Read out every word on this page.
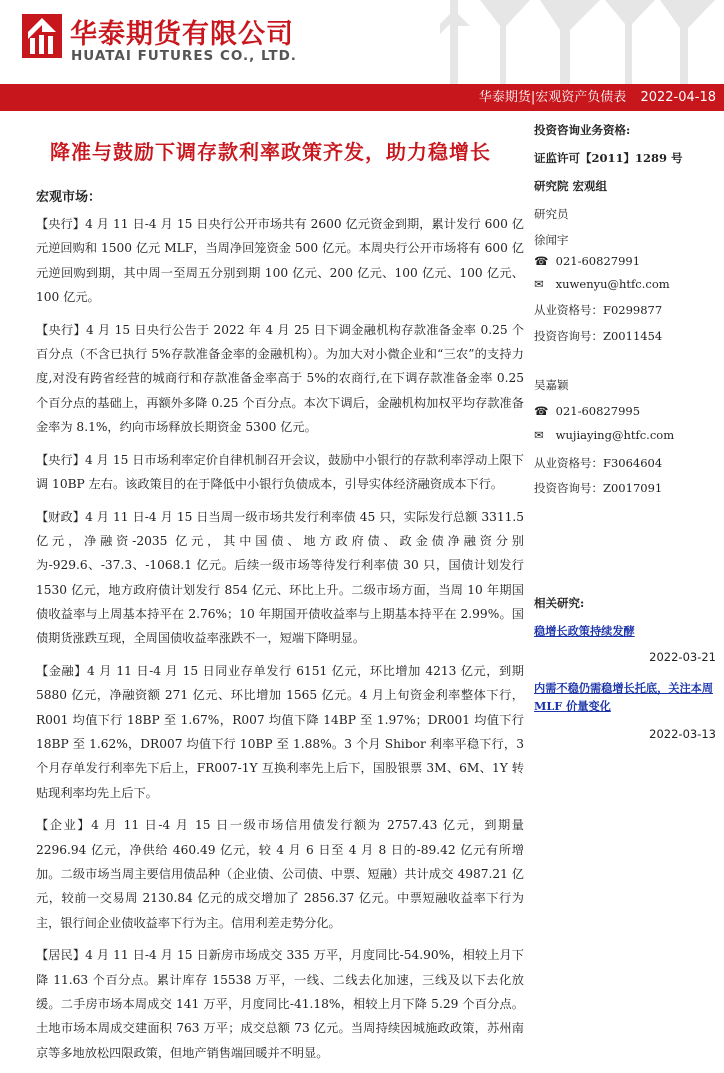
华泰期货有限公司
HUATAI FUTURES CO., LTD.
华泰期货|宏观资产负债表 2022-04-18
降准与鼓励下调存款利率政策齐发，助力稳增长
宏观市场：

【央行】4 月 11 日-4 月 15 日央行公开市场共有 2600 亿元资金到期，累计发行 600 亿元逆回购和 1500 亿元 MLF，当周净回笼资金 500 亿元。本周央行公开市场将有 600 亿元逆回购到期，其中周一至周五分别到期 100 亿元、200 亿元、100 亿元、100 亿元、100 亿元。

【央行】4 月 15 日央行公告于 2022 年 4 月 25 日下调金融机构存款准备金率 0.25 个百分点（不含已执行 5%存款准备金率的金融机构）。为加大对小微企业和“三农”的支持力度,对没有跨省经营的城商行和存款准备金率高于 5%的农商行,在下调存款准备金率 0.25 个百分点的基础上，再额外多降 0.25 个百分点。本次下调后，金融机构加权平均存款准备金率为 8.1%，约向市场释放长期资金 5300 亿元。

【央行】4 月 15 日市场利率定价自律机制召开会议，鼓励中小银行的存款利率浮动上限下调 10BP 左右。该政策目的在于降低中小银行负债成本，引导实体经济融资成本下行。

【财政】4 月 11 日-4 月 15 日当周一级市场共发行利率债 45 只，实际发行总额 3311.5 亿元，净融资-2035 亿元，其中国债、地方政府债、政金债净融资分别为-929.6、-37.3、-1068.1 亿元。后续一级市场等待发行利率债 30 只，国债计划发行 1530 亿元，地方政府债计划发行 854 亿元、环比上升。二级市场方面，当周 10 年期国债收益率与上周基本持平在 2.76%；10 年期国开债收益率与上期基本持平在 2.99%。国债期货涨跌互现，全周国债收益率涨跌不一，短端下降明显。

【金融】4 月 11 日-4 月 15 日同业存单发行 6151 亿元，环比增加 4213 亿元，到期 5880 亿元，净融资额 271 亿元、环比增加 1565 亿元。4 月上旬资金利率整体下行，R001 均值下行 18BP 至 1.67%，R007 均值下降 14BP 至 1.97%；DR001 均值下行 18BP 至 1.62%，DR007 均值下行 10BP 至 1.88%。3 个月 Shibor 利率平稳下行，3 个月存单发行利率先下后上，FR007-1Y 互换利率先上后下，国股银票 3M、6M、1Y 转贴现利率均先上后下。

【企业】4 月 11 日-4 月 15 日一级市场信用债发行额为 2757.43 亿元，到期量 2296.94 亿元，净供给 460.49 亿元，较 4 月 6 日至 4 月 8 日的-89.42 亿元有所增加。二级市场当周主要信用债品种（企业债、公司债、中票、短融）共计成交 4987.21 亿元，较前一交易周 2130.84 亿元的成交增加了 2856.37 亿元。中票短融收益率下行为主，银行间企业债收益率下行为主。信用利差走势分化。

【居民】4 月 11 日-4 月 15 日新房市场成交 335 万平，月度同比-54.90%，相较上月下降 11.63 个百分点。累计库存 15538 万平，一线、二线去化加速，三线及以下去化放缓。二手房市场本周成交 141 万平，月度同比-41.18%，相较上月下降 5.29 个百分点。土地市场本周成交建面积 763 万平；成交总额 73 亿元。当周持续因城施政政策，苏州南京等多地放松四限政策，但地产销售端回暖并不明显。

投资咨询业务资格:
证监许可【2011】1289 号
研究院 宏观组
研究员
徐闻宇
☎ 021-60827991
✉ xuwenyu@htfc.com
从业资格号：F0299877
投资咨询号：Z0011454
吴嘉颖
☎ 021-60827995
✉ wujiaying@htfc.com
从业资格号：F3064604
投资咨询号：Z0017091
相关研究:
稳增长政策持续发酵
2022-03-21
内需不稳仍需稳增长托底，关注本周 MLF 价量变化
2022-03-13
